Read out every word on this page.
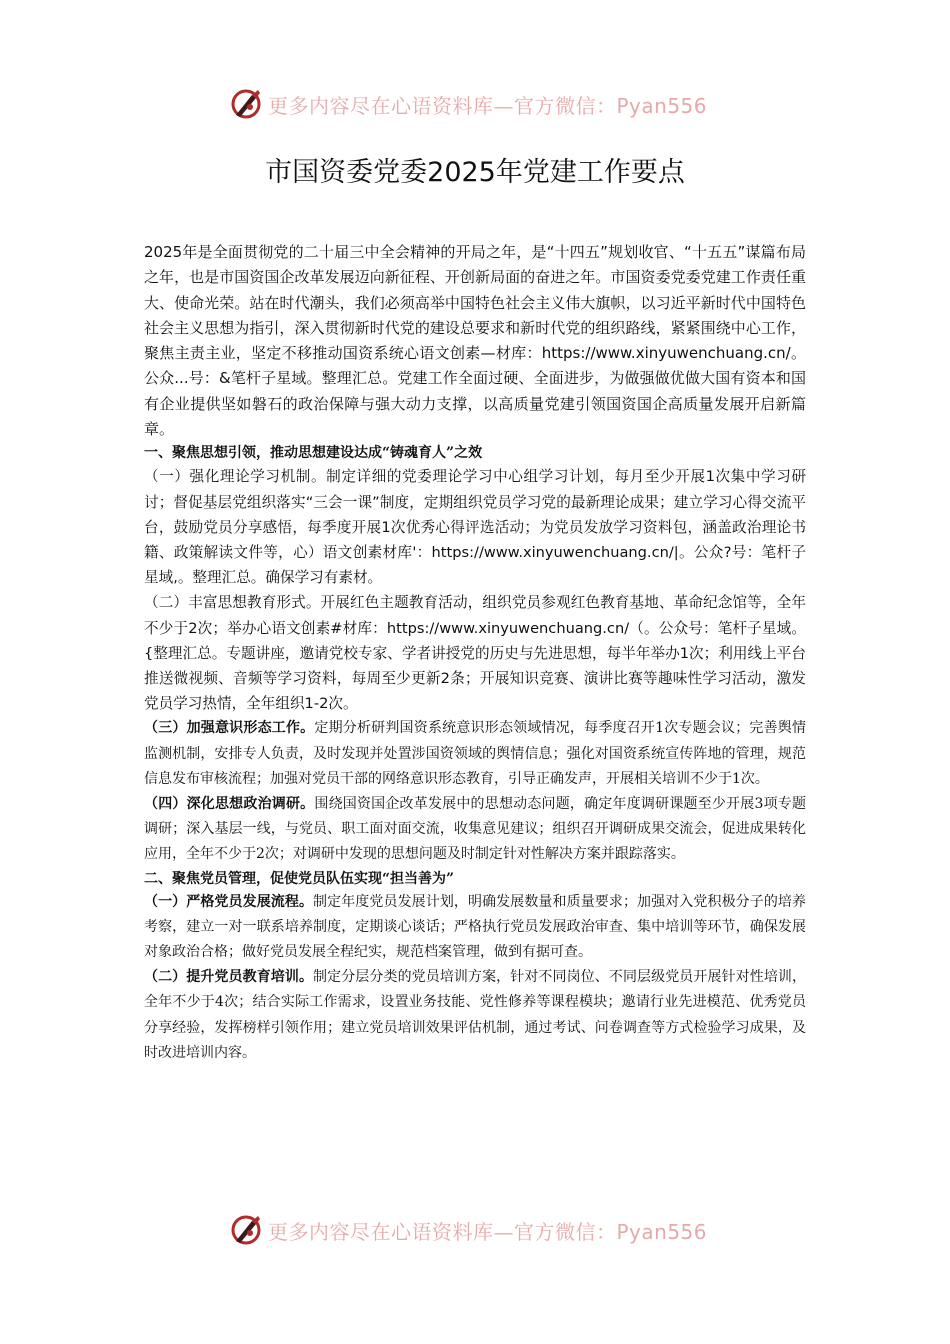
更多内容尽在心语资料库—官方微信：Pyan556
市国资委党委2025年党建工作要点

2025年是全面贯彻党的二十届三中全会精神的开局之年，是“十四五”规划收官、“十五五”谋篇布局之年，也是市国资国企改革发展迈向新征程、开创新局面的奋进之年。市国资委党委党建工作责任重大、使命光荣。站在时代潮头，我们必须高举中国特色社会主义伟大旗帜，以习近平新时代中国特色社会主义思想为指引，深入贯彻新时代党的建设总要求和新时代党的组织路线，紧紧围绕中心工作，聚焦主责主业，坚定不移推动国资系统心语文创素—材库：https://www.xinyuwenchuang.cn/。公众...号：&笔杆子星域。整理汇总。党建工作全面过硬、全面进步，为做强做优做大国有资本和国有企业提供坚如磐石的政治保障与强大动力支撑，以高质量党建引领国资国企高质量发展开启新篇章。

一、聚焦思想引领，推动思想建设达成“铸魂育人”之效

（一）强化理论学习机制。制定详细的党委理论学习中心组学习计划，每月至少开展1次集中学习研讨；督促基层党组织落实“三会一课”制度，定期组织党员学习党的最新理论成果；建立学习心得交流平台，鼓励党员分享感悟，每季度开展1次优秀心得评选活动；为党员发放学习资料包，涵盖政治理论书籍、政策解读文件等，心）语文创素材库'：https://www.xinyuwenchuang.cn/|。公众?号：笔杆子星域,。整理汇总。确保学习有素材。

（二）丰富思想教育形式。开展红色主题教育活动，组织党员参观红色教育基地、革命纪念馆等，全年不少于2次；举办心语文创素#材库：https://www.xinyuwenchuang.cn/（。公众号：笔杆子星域。{整理汇总。专题讲座，邀请党校专家、学者讲授党的历史与先进思想，每半年举办1次；利用线上平台推送微视频、音频等学习资料，每周至少更新2条；开展知识竞赛、演讲比赛等趣味性学习活动，激发党员学习热情，全年组织1-2次。

（三）加强意识形态工作。定期分析研判国资系统意识形态领域情况，每季度召开1次专题会议；完善舆情监测机制，安排专人负责，及时发现并处置涉国资领域的舆情信息；强化对国资系统宣传阵地的管理，规范信息发布审核流程；加强对党员干部的网络意识形态教育，引导正确发声，开展相关培训不少于1次。

（四）深化思想政治调研。围绕国资国企改革发展中的思想动态问题，确定年度调研课题至少开展3项专题调研；深入基层一线，与党员、职工面对面交流，收集意见建议；组织召开调研成果交流会，促进成果转化应用，全年不少于2次；对调研中发现的思想问题及时制定针对性解决方案并跟踪落实。

二、聚焦党员管理，促使党员队伍实现“担当善为”

（一）严格党员发展流程。制定年度党员发展计划，明确发展数量和质量要求；加强对入党积极分子的培养考察，建立一对一联系培养制度，定期谈心谈话；严格执行党员发展政治审查、集中培训等环节，确保发展对象政治合格；做好党员发展全程纪实，规范档案管理，做到有据可查。

（二）提升党员教育培训。制定分层分类的党员培训方案，针对不同岗位、不同层级党员开展针对性培训，全年不少于4次；结合实际工作需求，设置业务技能、党性修养等课程模块；邀请行业先进模范、优秀党员分享经验，发挥榜样引领作用；建立党员培训效果评估机制，通过考试、问卷调查等方式检验学习成果，及时改进培训内容。

更多内容尽在心语资料库—官方微信：Pyan556
